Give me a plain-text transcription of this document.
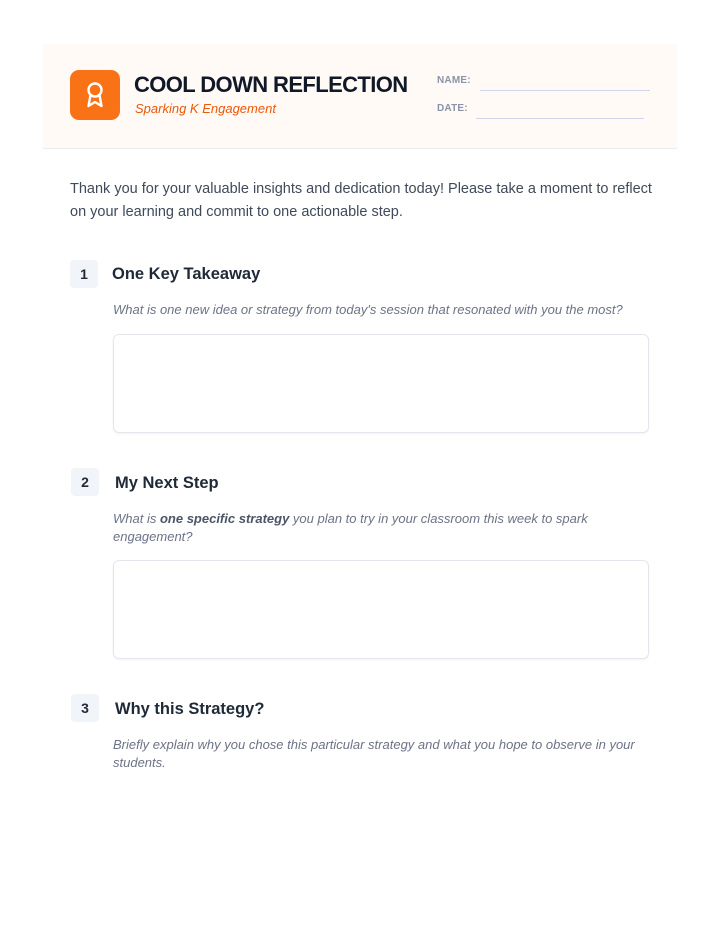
COOL DOWN REFLECTION
Sparking K Engagement
NAME:
DATE:

Thank you for your valuable insights and dedication today! Please take a moment to reflect on your learning and commit to one actionable step.

1	One Key Takeaway

What is one new idea or strategy from today's session that resonated with you the most?

2	My Next Step

What is one specific strategy you plan to try in your classroom this week to spark engagement?

3	Why this Strategy?

Briefly explain why you chose this particular strategy and what you hope to observe in your students.
